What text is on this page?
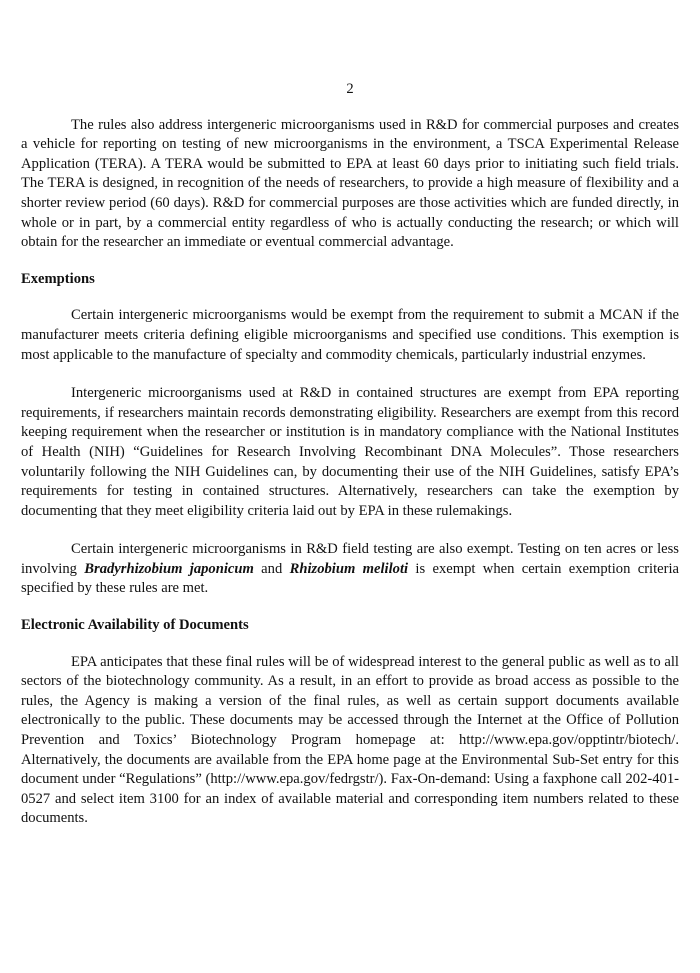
2

The rules also address intergeneric microorganisms used in R&D for commercial purposes and creates a vehicle for reporting on testing of new microorganisms in the environment, a TSCA Experimental Release Application (TERA). A TERA would be submitted to EPA at least 60 days prior to initiating such field trials. The TERA is designed, in recognition of the needs of researchers, to provide a high measure of flexibility and a shorter review period (60 days). R&D for commercial purposes are those activities which are funded directly, in whole or in part, by a commercial entity regardless of who is actually conducting the research; or which will obtain for the researcher an immediate or eventual commercial advantage.

Exemptions

Certain intergeneric microorganisms would be exempt from the requirement to submit a MCAN if the manufacturer meets criteria defining eligible microorganisms and specified use conditions. This exemption is most applicable to the manufacture of specialty and commodity chemicals, particularly industrial enzymes.

Intergeneric microorganisms used at R&D in contained structures are exempt from EPA reporting requirements, if researchers maintain records demonstrating eligibility. Researchers are exempt from this record keeping requirement when the researcher or institution is in mandatory compliance with the National Institutes of Health (NIH) “Guidelines for Research Involving Recombinant DNA Molecules”. Those researchers voluntarily following the NIH Guidelines can, by documenting their use of the NIH Guidelines, satisfy EPA’s requirements for testing in contained structures. Alternatively, researchers can take the exemption by documenting that they meet eligibility criteria laid out by EPA in these rulemakings.

Certain intergeneric microorganisms in R&D field testing are also exempt. Testing on ten acres or less involving Bradyrhizobium japonicum and Rhizobium meliloti is exempt when certain exemption criteria specified by these rules are met.

Electronic Availability of Documents

EPA anticipates that these final rules will be of widespread interest to the general public as well as to all sectors of the biotechnology community. As a result, in an effort to provide as broad access as possible to the rules, the Agency is making a version of the final rules, as well as certain support documents available electronically to the public. These documents may be accessed through the Internet at the Office of Pollution Prevention and Toxics’ Biotechnology Program homepage at: http://www.epa.gov/opptintr/biotech/. Alternatively, the documents are available from the EPA home page at the Environmental Sub-Set entry for this document under “Regulations” (http://www.epa.gov/fedrgstr/). Fax-On-demand: Using a faxphone call 202-401-0527 and select item 3100 for an index of available material and corresponding item numbers related to these documents.
